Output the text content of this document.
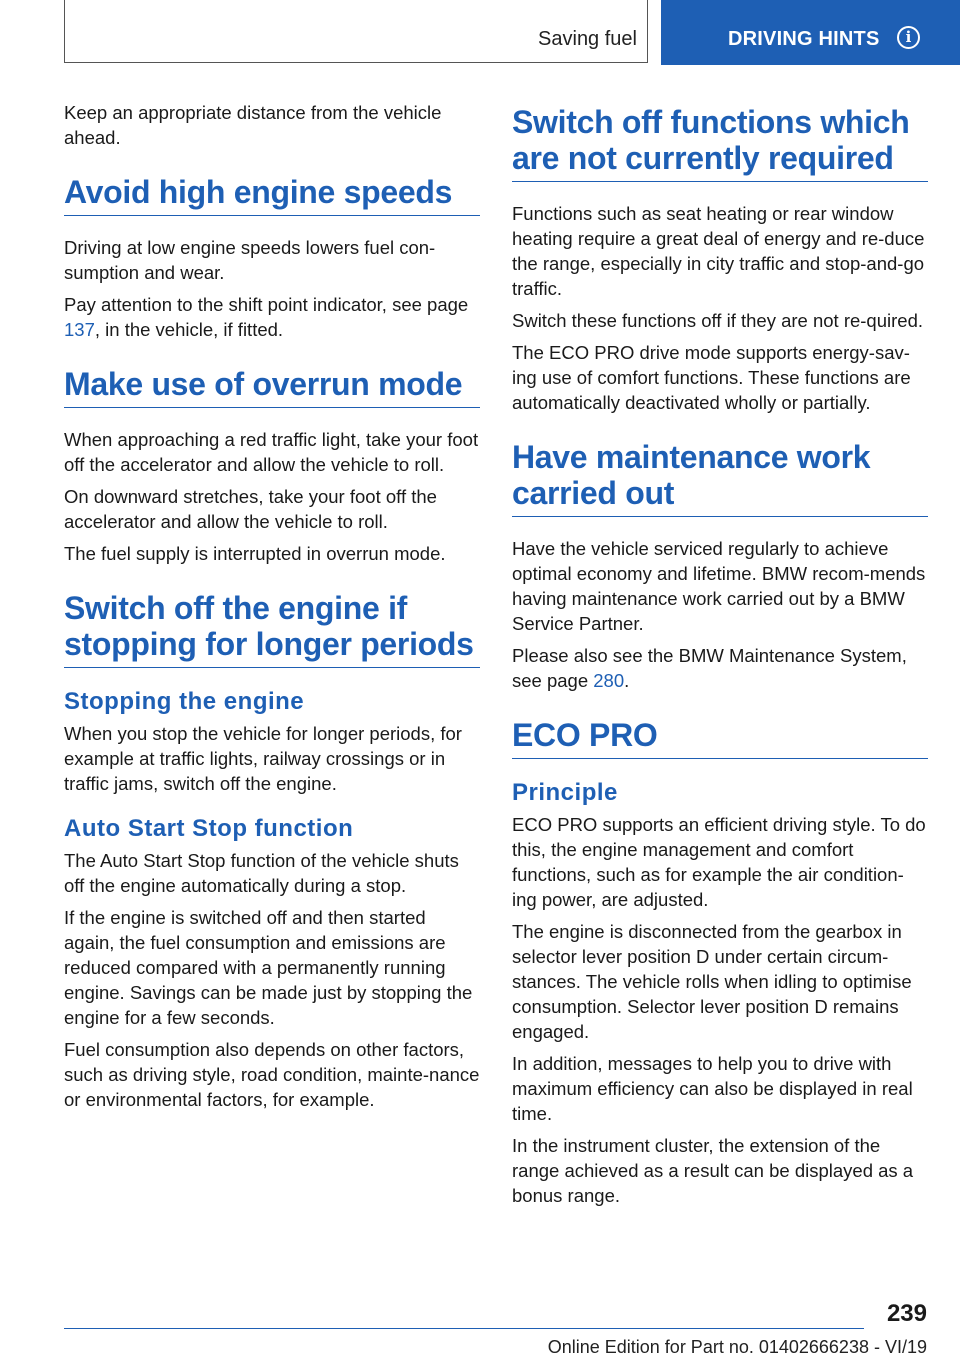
Saving fuel	DRIVING HINTS	i

Keep an appropriate distance from the vehicle ahead.

Avoid high engine speeds

Driving at low engine speeds lowers fuel con‐sumption and wear.

Pay attention to the shift point indicator, see page 137, in the vehicle, if fitted.

Make use of overrun mode

When approaching a red traffic light, take your foot off the accelerator and allow the vehicle to roll.

On downward stretches, take your foot off the accelerator and allow the vehicle to roll.

The fuel supply is interrupted in overrun mode.

Switch off the engine if stopping for longer periods
Stopping the engine

When you stop the vehicle for longer periods, for example at traffic lights, railway crossings or in traffic jams, switch off the engine.

Auto Start Stop function

The Auto Start Stop function of the vehicle shuts off the engine automatically during a stop.

If the engine is switched off and then started again, the fuel consumption and emissions are reduced compared with a permanently running engine. Savings can be made just by stopping the engine for a few seconds.

Fuel consumption also depends on other factors, such as driving style, road condition, mainte‐nance or environmental factors, for example.

Switch off functions which are not currently required

Functions such as seat heating or rear window heating require a great deal of energy and re‐duce the range, especially in city traffic and stop-and-go traffic.

Switch these functions off if they are not re‐quired.

The ECO PRO drive mode supports energy-sav‐ing use of comfort functions. These functions are automatically deactivated wholly or partially.

Have maintenance work carried out

Have the vehicle serviced regularly to achieve optimal economy and lifetime. BMW recom‐mends having maintenance work carried out by a BMW Service Partner.

Please also see the BMW Maintenance System, see page 280.

ECO PRO
Principle

ECO PRO supports an efficient driving style. To do this, the engine management and comfort functions, such as for example the air condition‐ing power, are adjusted.

The engine is disconnected from the gearbox in selector lever position D under certain circum‐stances. The vehicle rolls when idling to optimise consumption. Selector lever position D remains engaged.

In addition, messages to help you to drive with maximum efficiency can also be displayed in real time.

In the instrument cluster, the extension of the range achieved as a result can be displayed as a bonus range.

239
Online Edition for Part no. 01402666238 - VI/19
